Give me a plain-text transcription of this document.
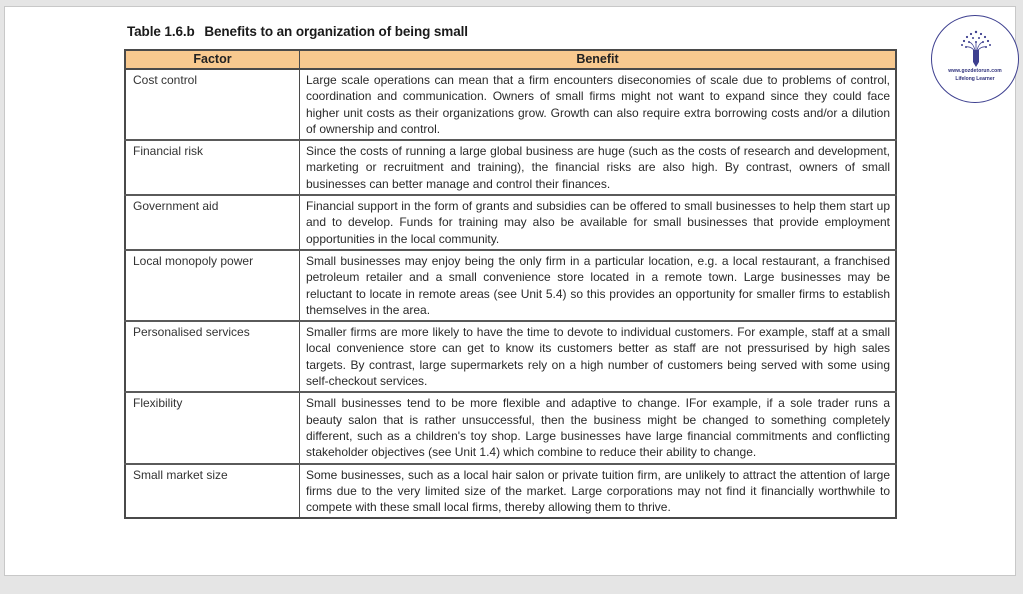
Table 1.6.b Benefits to an organization of being small
www.gozdetorun.com
Lifelong Learner
Factor	Benefit
Cost control	Large scale operations can mean that a firm encounters diseconomies of scale due to problems of control, coordination and communication. Owners of small firms might not want to expand since they could face higher unit costs as their organizations grow. Growth can also require extra borrowing costs and/or a dilution of ownership and control.
Financial risk	Since the costs of running a large global business are huge (such as the costs of research and development, marketing or recruitment and training), the financial risks are also high. By contrast, owners of small businesses can better manage and control their finances.
Government aid	Financial support in the form of grants and subsidies can be offered to small businesses to help them start up and to develop. Funds for training may also be available for small businesses that provide employment opportunities in the local community.
Local monopoly power	Small businesses may enjoy being the only firm in a particular location, e.g. a local restaurant, a franchised petroleum retailer and a small convenience store located in a remote town. Large businesses may be reluctant to locate in remote areas (see Unit 5.4) so this provides an opportunity for smaller firms to establish themselves in the area.
Personalised services	Smaller firms are more likely to have the time to devote to individual customers. For example, staff at a small local convenience store can get to know its customers better as staff are not pressurised by high sales targets. By contrast, large supermarkets rely on a high number of customers being served with some using self-checkout services.
Flexibility	Small businesses tend to be more flexible and adaptive to change. IFor example, if a sole trader runs a beauty salon that is rather unsuccessful, then the business might be changed to something completely different, such as a children's toy shop. Large businesses have large financial commitments and conflicting stakeholder objectives (see Unit 1.4) which combine to reduce their ability to change.
Small market size	Some businesses, such as a local hair salon or private tuition firm, are unlikely to attract the attention of large firms due to the very limited size of the market. Large corporations may not find it financially worthwhile to compete with these small local firms, thereby allowing them to thrive.
